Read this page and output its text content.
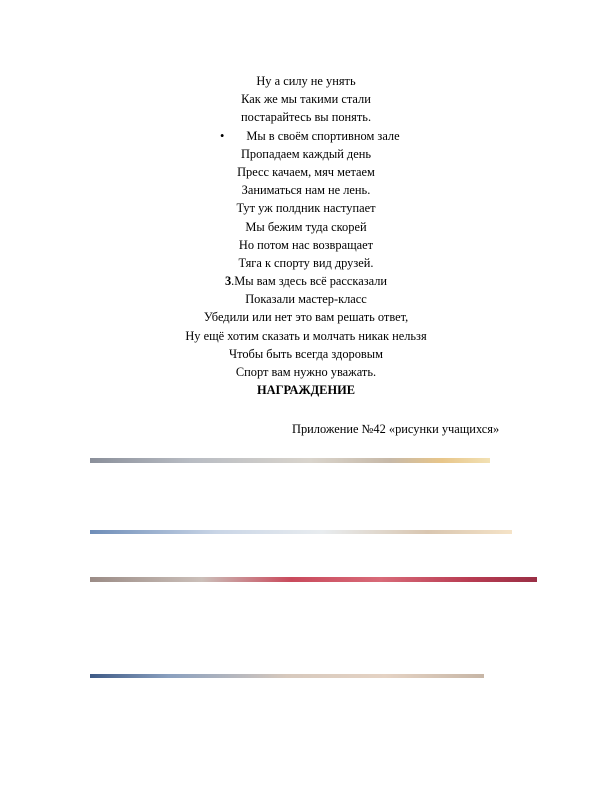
Ну а силу не унять
Как же мы такими стали
постарайтесь вы понять.
• Мы в своём спортивном зале
Пропадаем каждый день
Пресс качаем, мяч метаем
Заниматься нам не лень.
Тут уж полдник наступает
Мы бежим туда скорей
Но потом нас возвращает
Тяга к спорту вид друзей.
3.Мы вам здесь всё рассказали
Показали мастер-класс
Убедили или нет это вам решать ответ,
Ну ещё хотим сказать и молчать никак нельзя
Чтобы быть всегда здоровым
Спорт вам нужно уважать.
НАГРАЖДЕНИЕ
Приложение №42 «рисунки учащихся»
